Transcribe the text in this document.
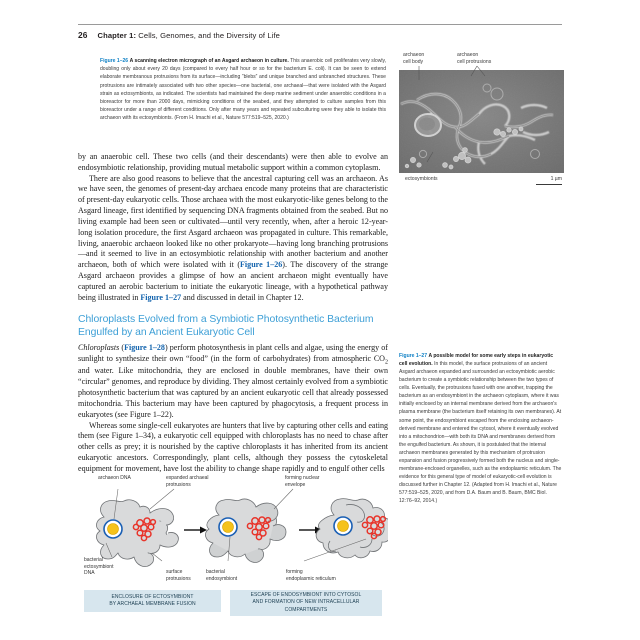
26 Chapter 1: Cells, Genomes, and the Diversity of Life
Figure 1–26 A scanning electron micrograph of an Asgard archaeon in culture. This anaerobic cell proliferates very slowly, doubling only about every 20 days (compared to every half hour or so for the bacterium E. coli). It can be seen to extend elaborate membranous protrusions from its surface—including “blebs” and unique branched and unbranched structures. These protrusions are intimately associated with two other species—one bacterial, one archaeal—that were isolated with the Asgard strain as ectosymbionts, as indicated. The scientists had maintained the deep marine sediment under anaerobic conditions in a bioreactor for more than 2000 days, mimicking conditions of the seabed, and they attempted to culture samples from this bioreactor under a range of different conditions. Only after many years and repeated subculturing were they able to isolate this archaeon with its ectosymbionts. (From H. Imachi et al., Nature 577:519–525, 2020.)
archaeon
cell body
archaeon
cell protrusions
ectosymbionts	1 µm

by an anaerobic cell. These two cells (and their descendants) were then able to evolve an endosymbiotic relationship, providing mutual metabolic support within a common cytoplasm.

There are also good reasons to believe that the ancestral capturing cell was an archaeon. As we have seen, the genomes of present-day archaea encode many proteins that are characteristic of present-day eukaryotic cells. Those archaea with the most eukaryotic-like genes belong to the Asgard lineage, first identified by sequencing DNA fragments obtained from the seabed. But no living example had been seen or cultivated—until very recently, when, after a heroic 12-year-long isolation procedure, the first Asgard archaeon was propagated in culture. This remarkable, living, anaerobic archaeon looked like no other prokaryote—having long branching protrusions—and it seemed to live in an ectosymbiotic relationship with another bacterium and another archaeon, both of which were isolated with it (Figure 1–26). The discovery of the strange Asgard archaeon provides a glimpse of how an ancient archaeon might eventually have captured an aerobic bacterium to initiate the eukaryotic lineage, with a hypothetical pathway being illustrated in Figure 1–27 and discussed in detail in Chapter 12.

Chloroplasts Evolved from a Symbiotic Photosynthetic Bacterium
Engulfed by an Ancient Eukaryotic Cell

Chloroplasts (Figure 1–28) perform photosynthesis in plant cells and algae, using the energy of sunlight to synthesize their own “food” (in the form of carbohydrates) from atmospheric $CO_2$ and water. Like mitochondria, they are enclosed in double membranes, have their own “circular” genomes, and reproduce by dividing. They almost certainly evolved from a symbiotic photosynthetic bacterium that was captured by an ancient eukaryotic cell that already possessed mitochondria. This bacterium may have been captured by phagocytosis, a frequent process in eukaryotes (see Figure 1–22).

Whereas some single-cell eukaryotes are hunters that live by capturing other cells and eating them (see Figure 1–34), a eukaryotic cell equipped with chloroplasts has no need to chase after other cells as prey; it is nourished by the captive chloroplasts it has inherited from its ancient eukaryotic ancestors. Correspondingly, plant cells, although they possess the cytoskeletal equipment for movement, have lost the ability to change shape rapidly and to engulf other cells

Figure 1–27 A possible model for some early steps in eukaryotic cell evolution. In this model, the surface protrusions of an ancient Asgard archaeon expanded and surrounded an ectosymbiotic aerobic bacterium to create a symbiotic relationship between the two types of cells. Eventually, the protrusions fused with one another, trapping the bacterium as an endosymbiont in the archaeon cytoplasm, where it was initially enclosed by an internal membrane derived from the archaeon's plasma membrane (the bacterium itself retaining its own membranes). At some point, the endosymbiont escaped from the enclosing archaeon-derived membrane and entered the cytosol, where it eventually evolved into a mitochondrion—with both its DNA and membranes derived from the engulfed bacterium. As shown, it is postulated that the internal archaeon membranes generated by this mechanism of protrusion expansion and fusion progressively formed both the nucleus and single-membrane-enclosed organelles, such as the endoplasmic reticulum. The evidence for this general type of model of eukaryotic-cell evolution is discussed further in Chapter 12. (Adapted from H. Imachi et al., Nature 577:519–525, 2020, and from D.A. Baum and B. Baum, BMC Biol. 12:76–92, 2014.)
archaeon DNA	expanded archaeal
protrusions
forming nuclear
envelope
bacterial
ectosymbiont
DNA	surface
protrusions
bacterial
endosymbiont
forming
endoplasmic reticulum
ENCLOSURE OF ECTOSYMBIONT
BY ARCHAEAL MEMBRANE FUSION
ESCAPE OF ENDOSYMBIONT INTO CYTOSOL
AND FORMATION OF NEW INTRACELLULAR
COMPARTMENTS
